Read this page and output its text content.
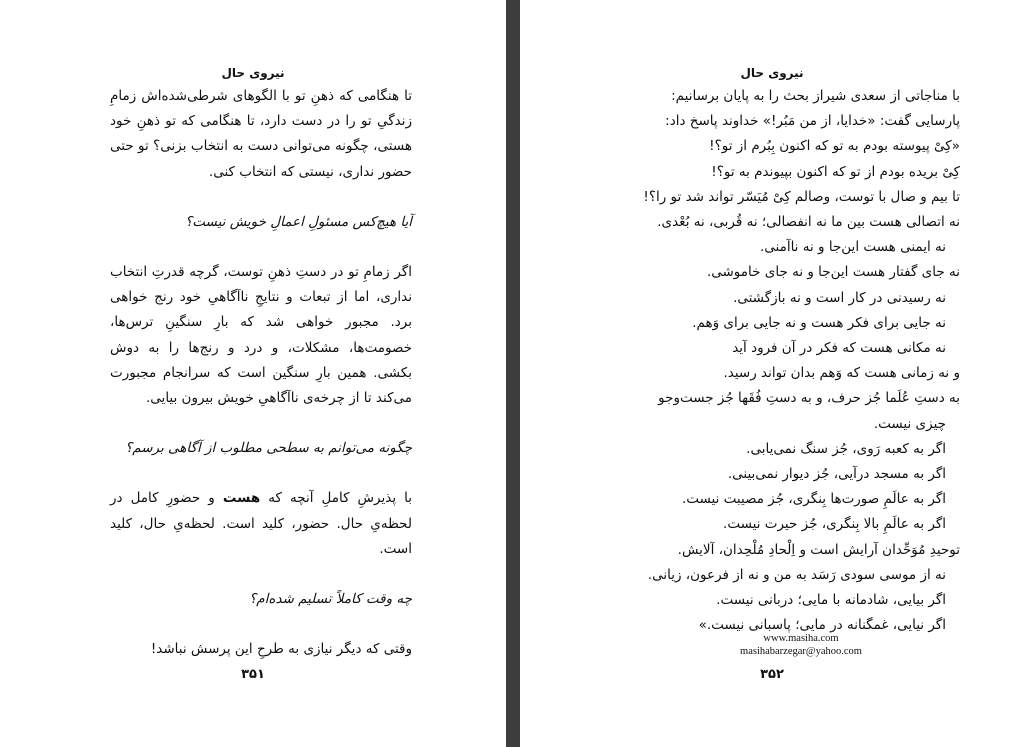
نیروی حال

تا هنگامی که ذهنِ تو با الگوهای شرطی‌شده‌اش زمامِ زندگیِ تو را در دست دارد، تا هنگامی که تو ذهنِ خود هستی، چگونه می‌توانی دست به انتخاب بزنی؟ تو حتی حضور نداری، نیستی که انتخاب کنی.

آیا هیچ‌کس مسئولِ اعمالِ خویش نیست؟

اگر زمامِ تو در دستِ ذهنِ توست، گرچه قدرتِ انتخاب نداری، اما از تبعات و نتایجِ ناآگاهیِ خود رنج خواهی برد. مجبور خواهی شد که بارِ سنگینِ ترس‌ها، خصومت‌ها، مشکلات، و درد و رنج‌ها را به دوش بکشی. همین بارِ سنگین است که سرانجام مجبورت می‌کند تا از چرخه‌ی ناآگاهیِ خویش بیرون بیایی.

چگونه می‌توانم به سطحی مطلوب از آگاهی برسم؟

با پذیرشِ کاملِ آنچه که هست و حضورِ کامل در لحظه‌یِ حال. حضور، کلید است. لحظه‌یِ حال، کلید است.

چه وقت کاملاً تسلیم شده‌ام؟

وقتی که دیگر نیازی به طرحِ این پرسش نباشد!

۳۵۱
نیروی حال

با مناجاتی از سعدی شیراز بحث را به پایان برسانیم:

پارسایی گفت: «خدایا، از من مَبُر!» خداوند پاسخ داد:

«کِیْ پیوسته بودم به تو که اکنون بِبُرم از تو؟!

کِیْ بریده بودم از تو که اکنون بپیوندم به تو؟!

تا بیم و صال با توست، وصالم کِیْ مُیَسّر تواند شد تو را؟!

نه اتصالی هست بین ما نه انفصالی؛ نه قُربی، نه بُعْدی.

نه ایمنی هست این‌جا و نه ناآمنی.

نه جای گفتار هست این‌جا و نه جای خاموشی.

نه رسیدنی در کار است و نه بازگشتی.

نه جایی برای فکر هست و نه جایی برای وَهم.

نه مکانی هست که فکر در آن فرود آید

و نه زمانی هست که وَهم بدان تواند رسید.

به دستِ عُلَما جُز حرف، و به دستِ فُقَها جُز جست‌وجو

چیزی نیست.

اگر به کعبه رَوی، جُز سنگ نمی‌یابی.

اگر به مسجد درآیی، جُز دیوار نمی‌بینی.

اگر به عالَمِ صورت‌ها بِنگری، جُز مصیبت نیست.

اگر به عالَمِ بالا بِنگری، جُز حیرت نیست.

توحیدِ مُوَحِّدان آرایش است و اِلْحادِ مُلْحِدان، آلایش.

نه از موسی سودی رَسَد به من و نه از فرعون، زیانی.

اگر بیایی، شادمانه با مایی؛ دربانی نیست.

اگر نیایی، غمگنانه در مایی؛ پاسبانی نیست.»

www.masiha.com
masihabarzegar@yahoo.com
۳۵۲
